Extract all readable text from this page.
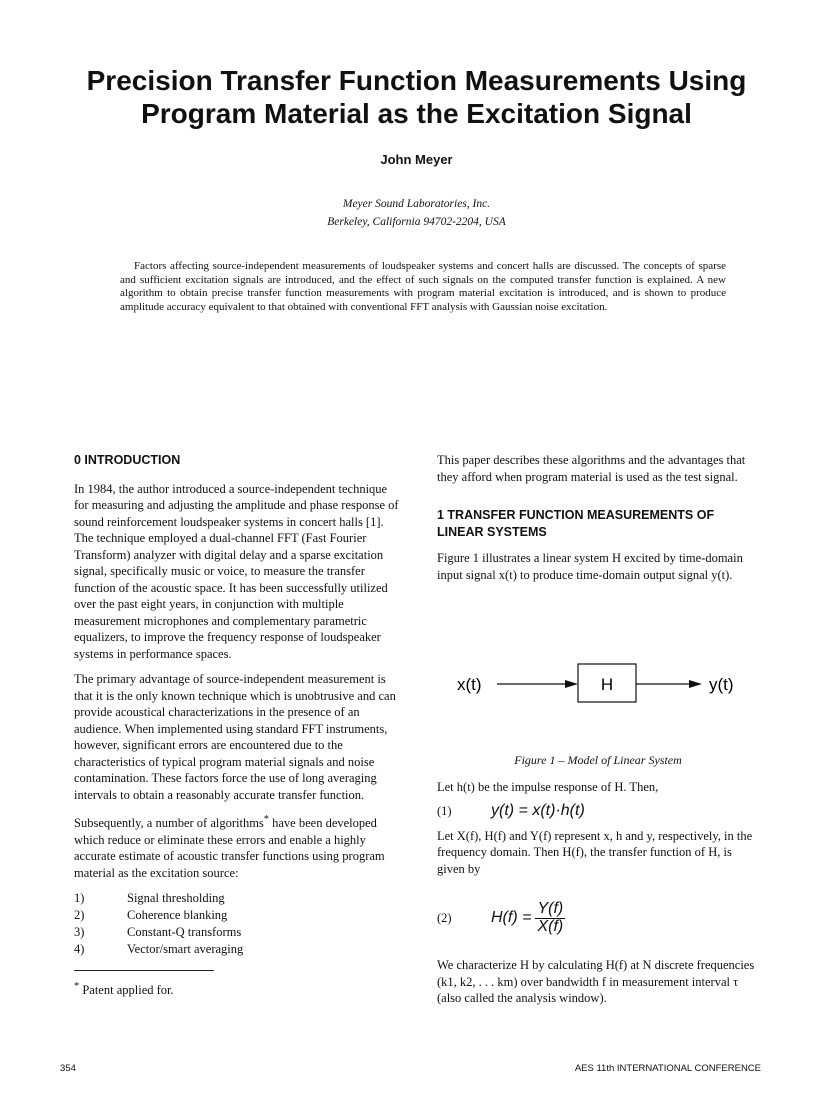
Precision Transfer Function Measurements Using
Program Material as the Excitation Signal
John Meyer
Meyer Sound Laboratories, Inc.
Berkeley, California 94702-2204, USA
Factors affecting source-independent measurements of loudspeaker systems and concert halls are discussed. The concepts of sparse and sufficient excitation signals are introduced, and the effect of such signals on the computed transfer function is explained. A new algorithm to obtain precise transfer function measurements with program material excitation is introduced, and is shown to produce amplitude accuracy equivalent to that obtained with conventional FFT analysis with Gaussian noise excitation.
0 INTRODUCTION

In 1984, the author introduced a source-independent technique for measuring and adjusting the amplitude and phase response of sound reinforcement loudspeaker systems in concert halls [1]. The technique employed a dual-channel FFT (Fast Fourier Transform) analyzer with digital delay and a sparse excitation signal, specifically music or voice, to measure the transfer function of the acoustic space. It has been successfully utilized over the past eight years, in conjunction with multiple measurement microphones and complementary parametric equalizers, to improve the frequency response of loudspeaker systems in performance spaces.

The primary advantage of source-independent measurement is that it is the only known technique which is unobtrusive and can provide acoustical characterizations in the presence of an audience. When implemented using standard FFT instruments, however, significant errors are encountered due to the characteristics of typical program material signals and noise contamination. These factors force the use of long averaging intervals to obtain a reasonably accurate transfer function.

Subsequently, a number of algorithms* have been developed which reduce or eliminate these errors and enable a highly accurate estimate of acoustic transfer functions using program material as the excitation source:

1)	Signal thresholding
2)	Coherence blanking
3)	Constant-Q transforms
4)	Vector/smart averaging
* Patent applied for.

This paper describes these algorithms and the advantages that they afford when program material is used as the test signal.

1 TRANSFER FUNCTION MEASUREMENTS OF LINEAR SYSTEMS

Figure 1 illustrates a linear system H excited by time-domain input signal x(t) to produce time-domain output signal y(t).

x(t)	H	y(t)
Figure 1 – Model of Linear System

Let h(t) be the impulse response of H. Then,

(1)	y(t) = x(t)·h(t)

Let X(f), H(f) and Y(f) represent x, h and y, respectively, in the frequency domain. Then H(f), the transfer function of H, is given by

(2)	$H(f) = \frac{Y(f)}{X(f)}$

We characterize H by calculating H(f) at N discrete frequencies (k1, k2, . . . km) over bandwidth f in measurement interval τ (also called the analysis window).

354	AES 11th INTERNATIONAL CONFERENCE
